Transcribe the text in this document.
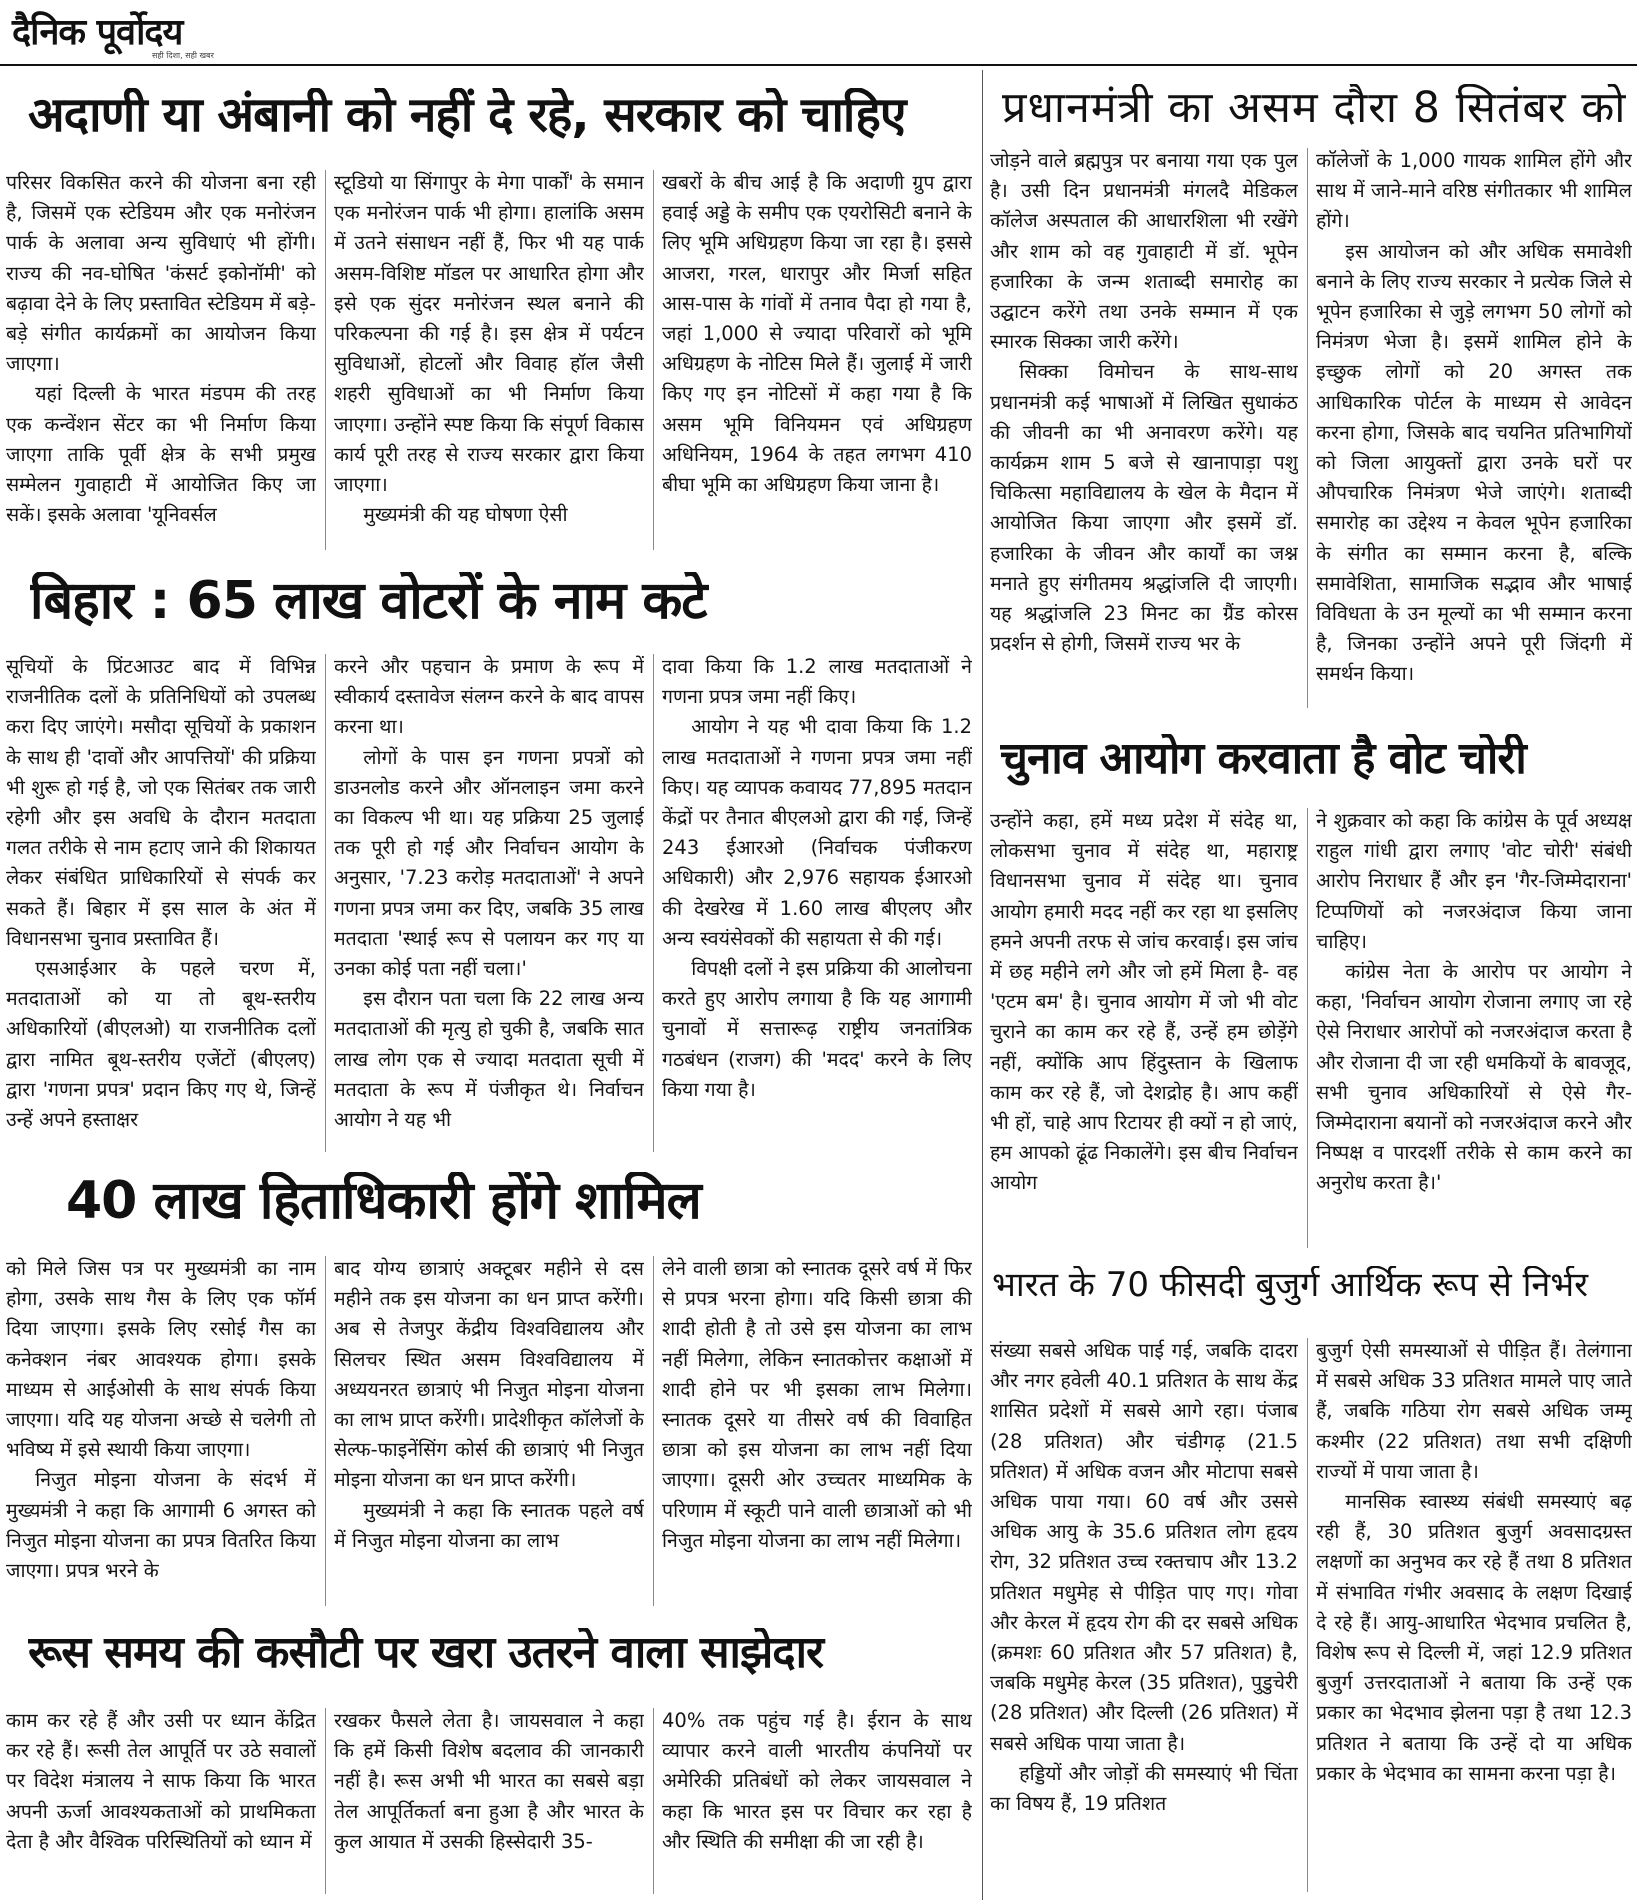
दैनिक पूर्वोदय
सही दिशा, सही खबर
अदाणी या अंबानी को नहीं दे रहे, सरकार को चाहिए

परिसर विकसित करने की योजना बना रही है, जिसमें एक स्टेडियम और एक मनोरंजन पार्क के अलावा अन्य सुविधाएं भी होंगी। राज्य की नव-घोषित 'कंसर्ट इकोनॉमी' को बढ़ावा देने के लिए प्रस्तावित स्टेडियम में बड़े-बड़े संगीत कार्यक्रमों का आयोजन किया जाएगा।

यहां दिल्ली के भारत मंडपम की तरह एक कन्वेंशन सेंटर का भी निर्माण किया जाएगा ताकि पूर्वी क्षेत्र के सभी प्रमुख सम्मेलन गुवाहाटी में आयोजित किए जा सकें। इसके अलावा 'यूनिवर्सल

स्टूडियो या सिंगापुर के मेगा पार्कों' के समान एक मनोरंजन पार्क भी होगा। हालांकि असम में उतने संसाधन नहीं हैं, फिर भी यह पार्क असम-विशिष्ट मॉडल पर आधारित होगा और इसे एक सुंदर मनोरंजन स्थल बनाने की परिकल्पना की गई है। इस क्षेत्र में पर्यटन सुविधाओं, होटलों और विवाह हॉल जैसी शहरी सुविधाओं का भी निर्माण किया जाएगा। उन्होंने स्पष्ट किया कि संपूर्ण विकास कार्य पूरी तरह से राज्य सरकार द्वारा किया जाएगा।

मुख्यमंत्री की यह घोषणा ऐसी

खबरों के बीच आई है कि अदाणी ग्रुप द्वारा हवाई अड्डे के समीप एक एयरोसिटी बनाने के लिए भूमि अधिग्रहण किया जा रहा है। इससे आजरा, गरल, धारापुर और मिर्जा सहित आस-पास के गांवों में तनाव पैदा हो गया है, जहां 1,000 से ज्यादा परिवारों को भूमि अधिग्रहण के नोटिस मिले हैं। जुलाई में जारी किए गए इन नोटिसों में कहा गया है कि असम भूमि विनियमन एवं अधिग्रहण अधिनियम, 1964 के तहत लगभग 410 बीघा भूमि का अधिग्रहण किया जाना है।

बिहार : 65 लाख वोटरों के नाम कटे

सूचियों के प्रिंटआउट बाद में विभिन्न राजनीतिक दलों के प्रतिनिधियों को उपलब्ध करा दिए जाएंगे। मसौदा सूचियों के प्रकाशन के साथ ही 'दावों और आपत्तियों' की प्रक्रिया भी शुरू हो गई है, जो एक सितंबर तक जारी रहेगी और इस अवधि के दौरान मतदाता गलत तरीके से नाम हटाए जाने की शिकायत लेकर संबंधित प्राधिकारियों से संपर्क कर सकते हैं। बिहार में इस साल के अंत में विधानसभा चुनाव प्रस्तावित हैं।

एसआईआर के पहले चरण में, मतदाताओं को या तो बूथ-स्तरीय अधिकारियों (बीएलओ) या राजनीतिक दलों द्वारा नामित बूथ-स्तरीय एजेंटों (बीएलए) द्वारा 'गणना प्रपत्र' प्रदान किए गए थे, जिन्हें उन्हें अपने हस्ताक्षर

करने और पहचान के प्रमाण के रूप में स्वीकार्य दस्तावेज संलग्न करने के बाद वापस करना था।

लोगों के पास इन गणना प्रपत्रों को डाउनलोड करने और ऑनलाइन जमा करने का विकल्प भी था। यह प्रक्रिया 25 जुलाई तक पूरी हो गई और निर्वाचन आयोग के अनुसार, '7.23 करोड़ मतदाताओं' ने अपने गणना प्रपत्र जमा कर दिए, जबकि 35 लाख मतदाता 'स्थाई रूप से पलायन कर गए या उनका कोई पता नहीं चला।'

इस दौरान पता चला कि 22 लाख अन्य मतदाताओं की मृत्यु हो चुकी है, जबकि सात लाख लोग एक से ज्यादा मतदाता सूची में मतदाता के रूप में पंजीकृत थे। निर्वाचन आयोग ने यह भी

दावा किया कि 1.2 लाख मतदाताओं ने गणना प्रपत्र जमा नहीं किए।

आयोग ने यह भी दावा किया कि 1.2 लाख मतदाताओं ने गणना प्रपत्र जमा नहीं किए। यह व्यापक कवायद 77,895 मतदान केंद्रों पर तैनात बीएलओ द्वारा की गई, जिन्हें 243 ईआरओ (निर्वाचक पंजीकरण अधिकारी) और 2,976 सहायक ईआरओ की देखरेख में 1.60 लाख बीएलए और अन्य स्वयंसेवकों की सहायता से की गई।

विपक्षी दलों ने इस प्रक्रिया की आलोचना करते हुए आरोप लगाया है कि यह आगामी चुनावों में सत्तारूढ़ राष्ट्रीय जनतांत्रिक गठबंधन (राजग) की 'मदद' करने के लिए किया गया है।

40 लाख हिताधिकारी होंगे शामिल

को मिले जिस पत्र पर मुख्यमंत्री का नाम होगा, उसके साथ गैस के लिए एक फॉर्म दिया जाएगा। इसके लिए रसोई गैस का कनेक्शन नंबर आवश्यक होगा। इसके माध्यम से आईओसी के साथ संपर्क किया जाएगा। यदि यह योजना अच्छे से चलेगी तो भविष्य में इसे स्थायी किया जाएगा।

निजुत मोइना योजना के संदर्भ में मुख्यमंत्री ने कहा कि आगामी 6 अगस्त को निजुत मोइना योजना का प्रपत्र वितरित किया जाएगा। प्रपत्र भरने के

बाद योग्य छात्राएं अक्टूबर महीने से दस महीने तक इस योजना का धन प्राप्त करेंगी। अब से तेजपुर केंद्रीय विश्वविद्यालय और सिलचर स्थित असम विश्वविद्यालय में अध्ययनरत छात्राएं भी निजुत मोइना योजना का लाभ प्राप्त करेंगी। प्रादेशीकृत कॉलेजों के सेल्फ-फाइनेंसिंग कोर्स की छात्राएं भी निजुत मोइना योजना का धन प्राप्त करेंगी।

मुख्यमंत्री ने कहा कि स्नातक पहले वर्ष में निजुत मोइना योजना का लाभ

लेने वाली छात्रा को स्नातक दूसरे वर्ष में फिर से प्रपत्र भरना होगा। यदि किसी छात्रा की शादी होती है तो उसे इस योजना का लाभ नहीं मिलेगा, लेकिन स्नातकोत्तर कक्षाओं में शादी होने पर भी इसका लाभ मिलेगा। स्नातक दूसरे या तीसरे वर्ष की विवाहित छात्रा को इस योजना का लाभ नहीं दिया जाएगा। दूसरी ओर उच्चतर माध्यमिक के परिणाम में स्कूटी पाने वाली छात्राओं को भी निजुत मोइना योजना का लाभ नहीं मिलेगा।

रूस समय की कसौटी पर खरा उतरने वाला साझेदार

काम कर रहे हैं और उसी पर ध्यान केंद्रित कर रहे हैं। रूसी तेल आपूर्ति पर उठे सवालों पर विदेश मंत्रालय ने साफ किया कि भारत अपनी ऊर्जा आवश्यकताओं को प्राथमिकता देता है और वैश्विक परिस्थितियों को ध्यान में

रखकर फैसले लेता है। जायसवाल ने कहा कि हमें किसी विशेष बदलाव की जानकारी नहीं है। रूस अभी भी भारत का सबसे बड़ा तेल आपूर्तिकर्ता बना हुआ है और भारत के कुल आयात में उसकी हिस्सेदारी 35-

40% तक पहुंच गई है। ईरान के साथ व्यापार करने वाली भारतीय कंपनियों पर अमेरिकी प्रतिबंधों को लेकर जायसवाल ने कहा कि भारत इस पर विचार कर रहा है और स्थिति की समीक्षा की जा रही है।

प्रधानमंत्री का असम दौरा 8 सितंबर को

जोड़ने वाले ब्रह्मपुत्र पर बनाया गया एक पुल है। उसी दिन प्रधानमंत्री मंगलदै मेडिकल कॉलेज अस्पताल की आधारशिला भी रखेंगे और शाम को वह गुवाहाटी में डॉ. भूपेन हजारिका के जन्म शताब्दी समारोह का उद्घाटन करेंगे तथा उनके सम्मान में एक स्मारक सिक्का जारी करेंगे।

सिक्का विमोचन के साथ-साथ प्रधानमंत्री कई भाषाओं में लिखित सुधाकंठ की जीवनी का भी अनावरण करेंगे। यह कार्यक्रम शाम 5 बजे से खानापाड़ा पशु चिकित्सा महाविद्यालय के खेल के मैदान में आयोजित किया जाएगा और इसमें डॉ. हजारिका के जीवन और कार्यों का जश्न मनाते हुए संगीतमय श्रद्धांजलि दी जाएगी। यह श्रद्धांजलि 23 मिनट का ग्रैंड कोरस प्रदर्शन से होगी, जिसमें राज्य भर के

कॉलेजों के 1,000 गायक शामिल होंगे और साथ में जाने-माने वरिष्ठ संगीतकार भी शामिल होंगे।

इस आयोजन को और अधिक समावेशी बनाने के लिए राज्य सरकार ने प्रत्येक जिले से भूपेन हजारिका से जुड़े लगभग 50 लोगों को निमंत्रण भेजा है। इसमें शामिल होने के इच्छुक लोगों को 20 अगस्त तक आधिकारिक पोर्टल के माध्यम से आवेदन करना होगा, जिसके बाद चयनित प्रतिभागियों को जिला आयुक्तों द्वारा उनके घरों पर औपचारिक निमंत्रण भेजे जाएंगे। शताब्दी समारोह का उद्देश्य न केवल भूपेन हजारिका के संगीत का सम्मान करना है, बल्कि समावेशिता, सामाजिक सद्भाव और भाषाई विविधता के उन मूल्यों का भी सम्मान करना है, जिनका उन्होंने अपने पूरी जिंदगी में समर्थन किया।

चुनाव आयोग करवाता है वोट चोरी

उन्होंने कहा, हमें मध्य प्रदेश में संदेह था, लोकसभा चुनाव में संदेह था, महाराष्ट्र विधानसभा चुनाव में संदेह था। चुनाव आयोग हमारी मदद नहीं कर रहा था इसलिए हमने अपनी तरफ से जांच करवाई। इस जांच में छह महीने लगे और जो हमें मिला है- वह 'एटम बम' है। चुनाव आयोग में जो भी वोट चुराने का काम कर रहे हैं, उन्हें हम छोड़ेंगे नहीं, क्योंकि आप हिंदुस्तान के खिलाफ काम कर रहे हैं, जो देशद्रोह है। आप कहीं भी हों, चाहे आप रिटायर ही क्यों न हो जाएं, हम आपको ढूंढ निकालेंगे। इस बीच निर्वाचन आयोग

ने शुक्रवार को कहा कि कांग्रेस के पूर्व अध्यक्ष राहुल गांधी द्वारा लगाए 'वोट चोरी' संबंधी आरोप निराधार हैं और इन 'गैर-जिम्मेदाराना' टिप्पणियों को नजरअंदाज किया जाना चाहिए।

कांग्रेस नेता के आरोप पर आयोग ने कहा, 'निर्वाचन आयोग रोजाना लगाए जा रहे ऐसे निराधार आरोपों को नजरअंदाज करता है और रोजाना दी जा रही धमकियों के बावजूद, सभी चुनाव अधिकारियों से ऐसे गैर-जिम्मेदाराना बयानों को नजरअंदाज करने और निष्पक्ष व पारदर्शी तरीके से काम करने का अनुरोध करता है।'

भारत के 70 फीसदी बुजुर्ग आर्थिक रूप से निर्भर

संख्या सबसे अधिक पाई गई, जबकि दादरा और नगर हवेली 40.1 प्रतिशत के साथ केंद्र शासित प्रदेशों में सबसे आगे रहा। पंजाब (28 प्रतिशत) और चंडीगढ़ (21.5 प्रतिशत) में अधिक वजन और मोटापा सबसे अधिक पाया गया। 60 वर्ष और उससे अधिक आयु के 35.6 प्रतिशत लोग हृदय रोग, 32 प्रतिशत उच्च रक्तचाप और 13.2 प्रतिशत मधुमेह से पीड़ित पाए गए। गोवा और केरल में हृदय रोग की दर सबसे अधिक (क्रमशः 60 प्रतिशत और 57 प्रतिशत) है, जबकि मधुमेह केरल (35 प्रतिशत), पुडुचेरी (28 प्रतिशत) और दिल्ली (26 प्रतिशत) में सबसे अधिक पाया जाता है।

हड्डियों और जोड़ों की समस्याएं भी चिंता का विषय हैं, 19 प्रतिशत

बुजुर्ग ऐसी समस्याओं से पीड़ित हैं। तेलंगाना में सबसे अधिक 33 प्रतिशत मामले पाए जाते हैं, जबकि गठिया रोग सबसे अधिक जम्मू कश्मीर (22 प्रतिशत) तथा सभी दक्षिणी राज्यों में पाया जाता है।

मानसिक स्वास्थ्य संबंधी समस्याएं बढ़ रही हैं, 30 प्रतिशत बुजुर्ग अवसादग्रस्त लक्षणों का अनुभव कर रहे हैं तथा 8 प्रतिशत में संभावित गंभीर अवसाद के लक्षण दिखाई दे रहे हैं। आयु-आधारित भेदभाव प्रचलित है, विशेष रूप से दिल्ली में, जहां 12.9 प्रतिशत बुजुर्ग उत्तरदाताओं ने बताया कि उन्हें एक प्रकार का भेदभाव झेलना पड़ा है तथा 12.3 प्रतिशत ने बताया कि उन्हें दो या अधिक प्रकार के भेदभाव का सामना करना पड़ा है।
